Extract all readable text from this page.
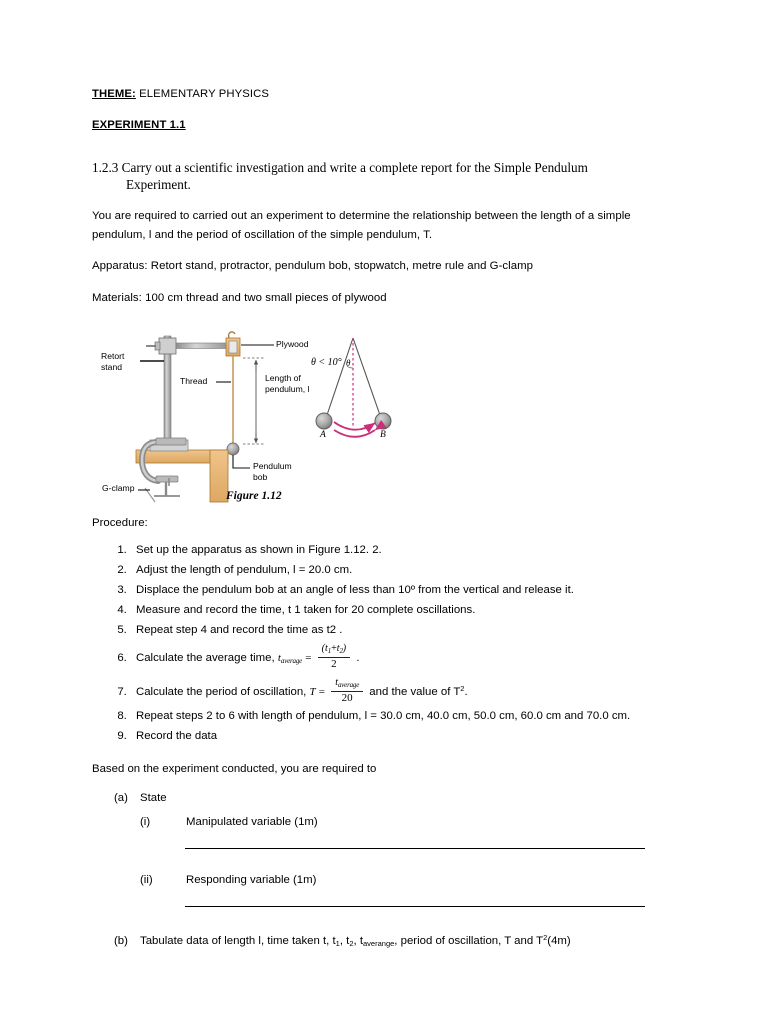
THEME: ELEMENTARY PHYSICS
EXPERIMENT 1.1
1.2.3 Carry out a scientific investigation and write a complete report for the Simple Pendulum
Experiment.
You are required to carried out an experiment to determine the relationship between the length of a simple pendulum, l and the period of oscillation of the simple pendulum, T.
Apparatus: Retort stand, protractor, pendulum bob, stopwatch, metre rule and G-clamp
Materials: 100 cm thread and two small pieces of plywood
Retort
stand
Thread
Plywood
Length of
pendulum, l
Pendulum
bob
G-clamp
θ < 10° θ
A	B
Figure 1.12
Procedure:
1. Set up the apparatus as shown in Figure 1.12. 2.
2. Adjust the length of pendulum, l = 20.0 cm.
3. Displace the pendulum bob at an angle of less than 10º from the vertical and release it.
4. Measure and record the time, t 1 taken for 20 complete oscillations.
5. Repeat step 4 and record the time as t2 .
6. Calculate the average time, taverage = $\frac{(t_1+t_2)}{2}$ .
7. Calculate the period of oscillation, $T = \frac{t_{average}}{20}$ and the value of $T^2$.
8. Repeat steps 2 to 6 with length of pendulum, l = 30.0 cm, 40.0 cm, 50.0 cm, 60.0 cm and 70.0 cm.
9. Record the data
Based on the experiment conducted, you are required to
(a) State
(i)	Manipulated variable (1m)
(ii)	Responding variable (1m)
(b) Tabulate data of length l, time taken t, $t_1$, $t_2$, $t_{averange}$, period of oscillation, T and $T^2(4m)$
